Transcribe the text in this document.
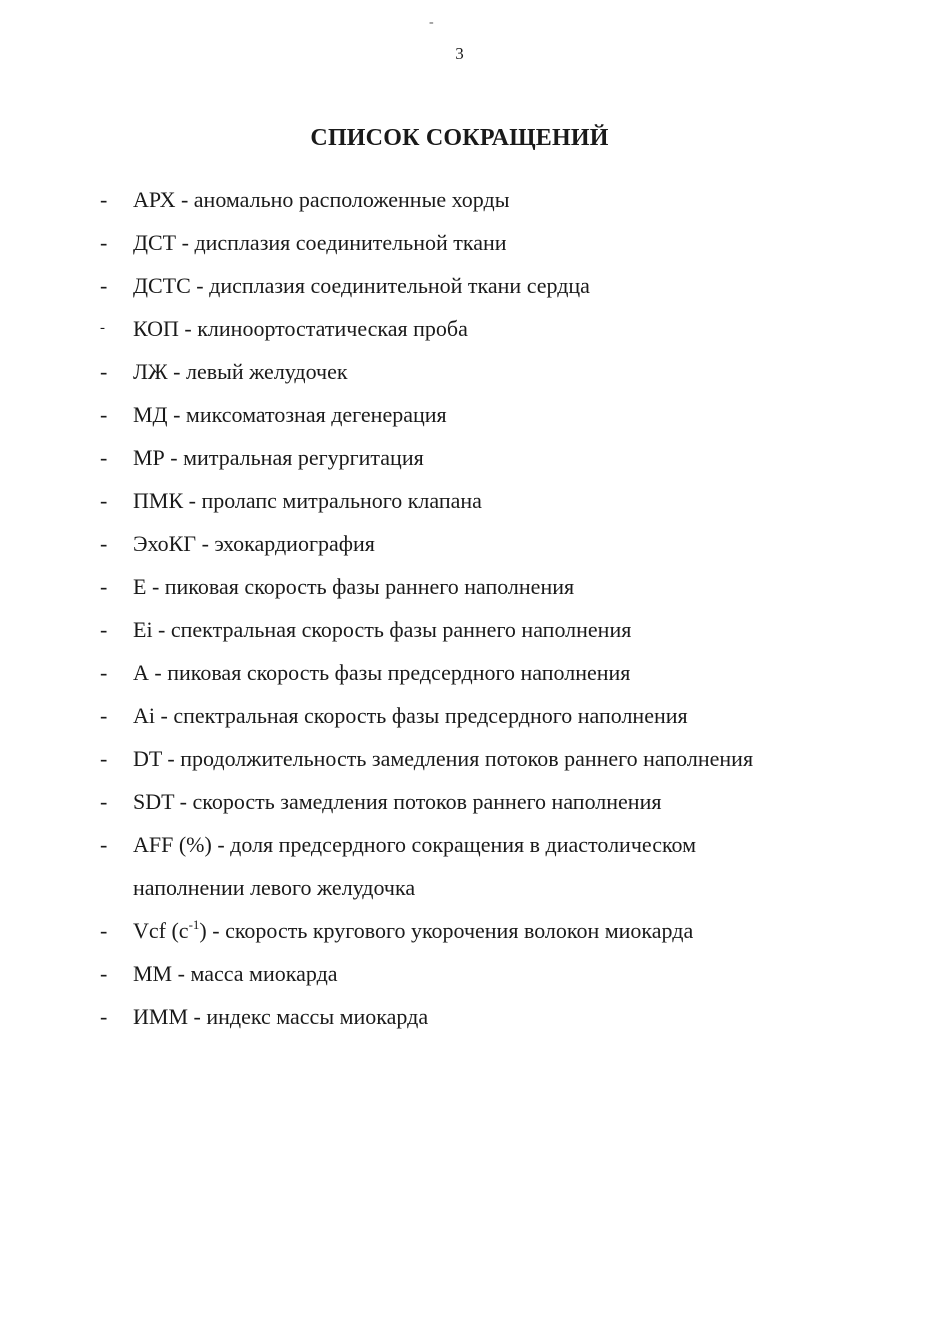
-
3
СПИСОК СОКРАЩЕНИЙ
- АРХ - аномально расположенные хорды
- ДСТ - дисплазия соединительной ткани
- ДСТС - дисплазия соединительной ткани сердца
- КОП - клиноортостатическая проба
- ЛЖ - левый желудочек
- МД - миксоматозная дегенерация
- МР - митральная регургитация
- ПМК - пролапс митрального клапана
- ЭхоКГ - эхокардиография
- Е - пиковая скорость фазы раннего наполнения
- Ei - спектральная скорость фазы раннего наполнения
- А - пиковая скорость фазы предсердного наполнения
- Ai - спектральная скорость фазы предсердного наполнения
- DT - продолжительность замедления потоков раннего наполнения
- SDT - скорость замедления потоков раннего наполнения
- AFF (%) - доля предсердного сокращения в диастолическом
наполнении левого желудочка
- Vcf $(c^{-1})$ - скорость кругового укорочения волокон миокарда
- ММ - масса миокарда
- ИММ - индекс массы миокарда
